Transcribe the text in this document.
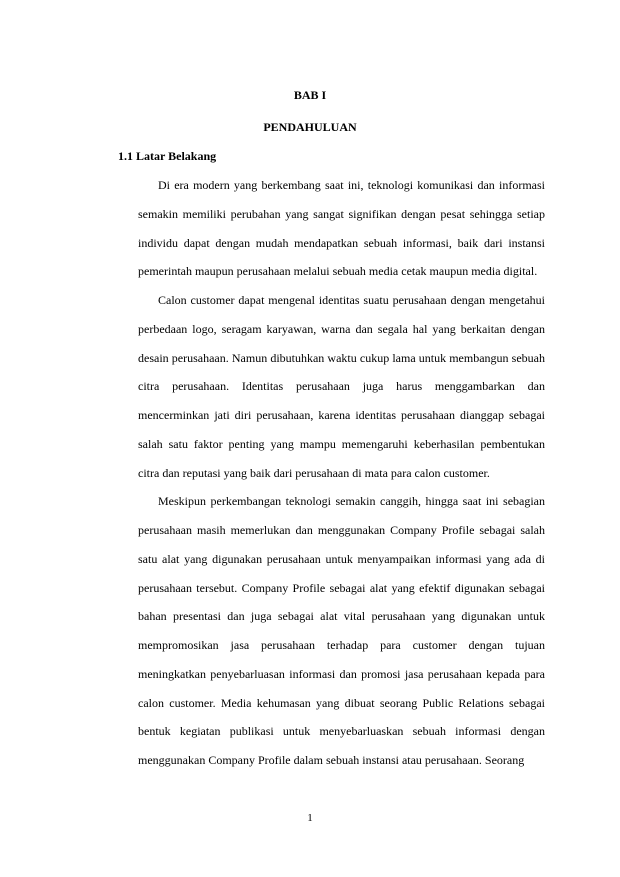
BAB I
PENDAHULUAN
1.1 Latar Belakang

Di era modern yang berkembang saat ini, teknologi komunikasi dan informasi semakin memiliki perubahan yang sangat signifikan dengan pesat sehingga setiap individu dapat dengan mudah mendapatkan sebuah informasi, baik dari instansi pemerintah maupun perusahaan melalui sebuah media cetak maupun media digital.

Calon customer dapat mengenal identitas suatu perusahaan dengan mengetahui perbedaan logo, seragam karyawan, warna dan segala hal yang berkaitan dengan desain perusahaan. Namun dibutuhkan waktu cukup lama untuk membangun sebuah citra perusahaan. Identitas perusahaan juga harus menggambarkan dan mencerminkan jati diri perusahaan, karena identitas perusahaan dianggap sebagai salah satu faktor penting yang mampu memengaruhi keberhasilan pembentukan citra dan reputasi yang baik dari perusahaan di mata para calon customer.

Meskipun perkembangan teknologi semakin canggih, hingga saat ini sebagian perusahaan masih memerlukan dan menggunakan Company Profile sebagai salah satu alat yang digunakan perusahaan untuk menyampaikan informasi yang ada di perusahaan tersebut. Company Profile sebagai alat yang efektif digunakan sebagai bahan presentasi dan juga sebagai alat vital perusahaan yang digunakan untuk mempromosikan jasa perusahaan terhadap para customer dengan tujuan meningkatkan penyebarluasan informasi dan promosi jasa perusahaan kepada para calon customer. Media kehumasan yang dibuat seorang Public Relations sebagai bentuk kegiatan publikasi untuk menyebarluaskan sebuah informasi dengan menggunakan Company Profile dalam sebuah instansi atau perusahaan. Seorang

1
